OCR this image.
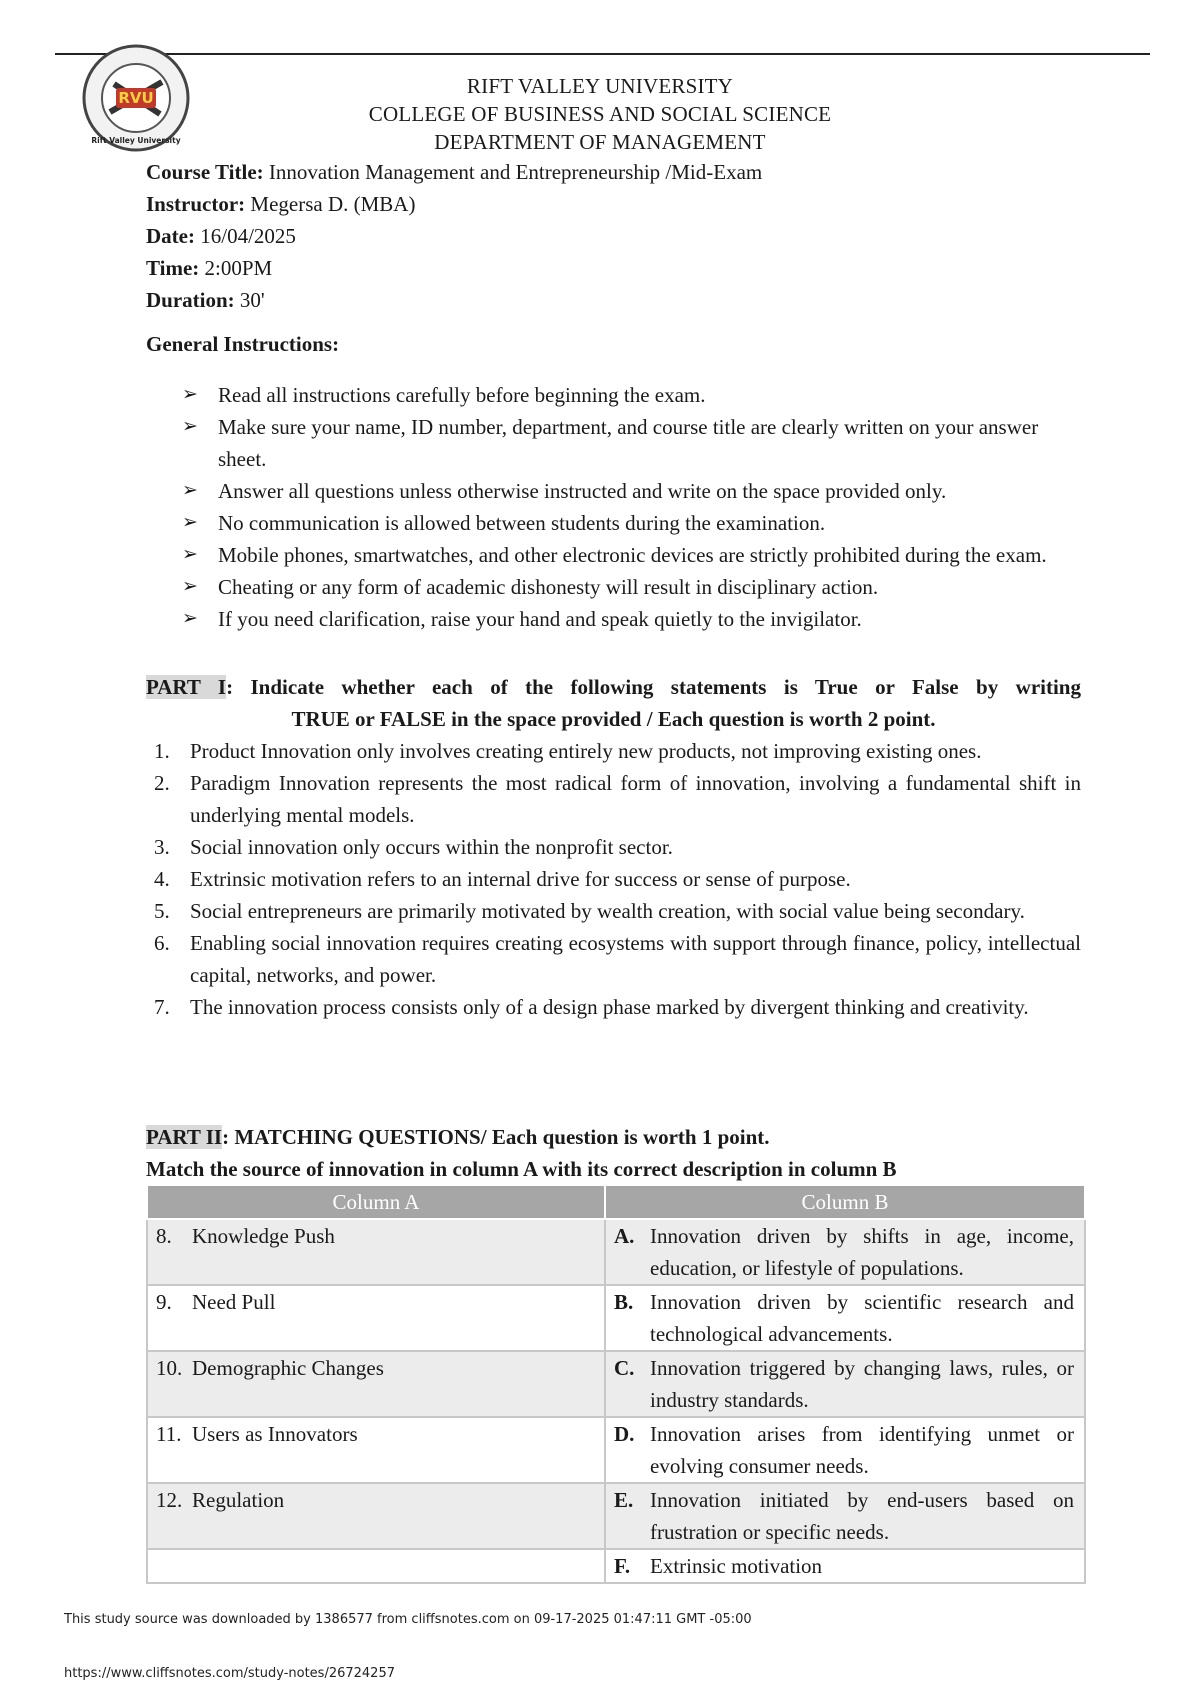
RVU
Rift Valley University
RIFT VALLEY UNIVERSITY
COLLEGE OF BUSINESS AND SOCIAL SCIENCE
DEPARTMENT OF MANAGEMENT
Course Title: Innovation Management and Entrepreneurship /Mid-Exam
Instructor: Megersa D. (MBA)
Date: 16/04/2025
Time: 2:00PM
Duration: 30'
General Instructions:
➢ Read all instructions carefully before beginning the exam.
➢ Make sure your name, ID number, department, and course title are clearly written on your answer sheet.
➢ Answer all questions unless otherwise instructed and write on the space provided only.
➢ No communication is allowed between students during the examination.
➢ Mobile phones, smartwatches, and other electronic devices are strictly prohibited during the exam.
➢ Cheating or any form of academic dishonesty will result in disciplinary action.
➢ If you need clarification, raise your hand and speak quietly to the invigilator.
PART I: Indicate whether each of the following statements is True or False by writing
TRUE or FALSE in the space provided / Each question is worth 2 point.
1. Product Innovation only involves creating entirely new products, not improving existing ones.
2. Paradigm Innovation represents the most radical form of innovation, involving a fundamental shift in underlying mental models.
3. Social innovation only occurs within the nonprofit sector.
4. Extrinsic motivation refers to an internal drive for success or sense of purpose.
5. Social entrepreneurs are primarily motivated by wealth creation, with social value being secondary.
6. Enabling social innovation requires creating ecosystems with support through finance, policy, intellectual capital, networks, and power.
7. The innovation process consists only of a design phase marked by divergent thinking and creativity.
PART II: MATCHING QUESTIONS/ Each question is worth 1 point.
Match the source of innovation in column A with its correct description in column B
Column A	Column B

8. Knowledge Push	A. Innovation driven by shifts in age, income, education, or lifestyle of populations.

9. Need Pull	B. Innovation driven by scientific research and technological advancements.

10. Demographic Changes	C. Innovation triggered by changing laws, rules, or industry standards.

11. Users as Innovators	D. Innovation arises from identifying unmet or evolving consumer needs.

12. Regulation	E. Innovation initiated by end-users based on frustration or specific needs.

	F. Extrinsic motivation
This study source was downloaded by 1386577 from cliffsnotes.com on 09-17-2025 01:47:11 GMT -05:00
https://www.cliffsnotes.com/study-notes/26724257
